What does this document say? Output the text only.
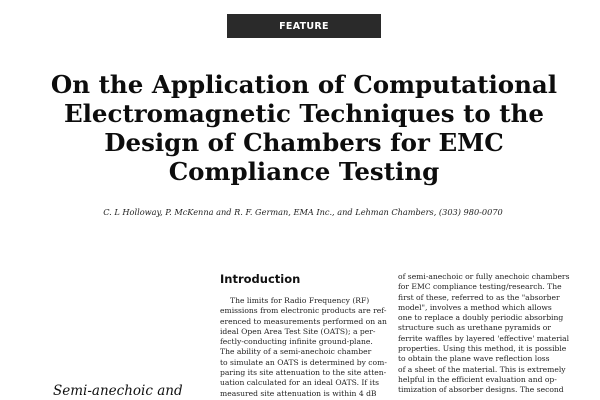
FEATURE
On the Application of Computational
Electromagnetic Techniques to the
Design of Chambers for EMC
Compliance Testing
C. L Holloway, P. McKenna and R. F. German, EMA Inc., and Lehman Chambers, (303) 980-0070
Semi-anechoic and
Introduction
The limits for Radio Frequency (RF)
emissions from electronic products are ref-
erenced to measurements performed on an
ideal Open Area Test Site (OATS); a per-
fectly-conducting infinite ground-plane.
The ability of a semi-anechoic chamber
to simulate an OATS is determined by com-
paring its site attenuation to the site atten-
uation calculated for an ideal OATS. If its
measured site attenuation is within 4 dB
of semi-anechoic or fully anechoic chambers
for EMC compliance testing/research. The
first of these, referred to as the "absorber
model", involves a method which allows
one to replace a doubly periodic absorbing
structure such as urethane pyramids or
ferrite waffles by layered 'effective' material
properties. Using this method, it is possible
to obtain the plane wave reflection loss
of a sheet of the material. This is extremely
helpful in the efficient evaluation and op-
timization of absorber designs. The second
